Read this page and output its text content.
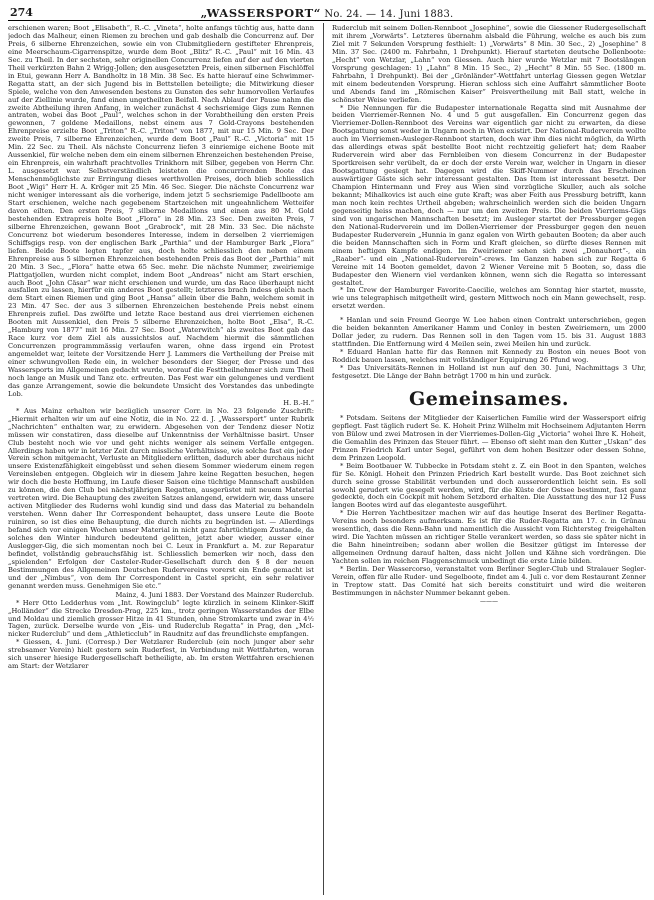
274	„WASSERSPORT“ No. 24. — 14. Juni 1883.

erschienen waren; Boot „Elisabeth“, R.-C. „Vineta“, holte anfangs tüchtig aus, hatte dann jedoch das Malheur, einen Riemen zu brechen und gab deshalb die Concurrenz auf. Der Preis, 6 silberne Ehrenzeichen, sowie ein von Clubmitgliedern gestifteter Ehrenpreis, eine Meerschaum-Cigarrenspitze, wurde dem Boot „Blitz“ R.-C. „Paul“ mit 16 Min. 43 Sec. zu Theil. In der sechsten, sehr originellen Concurrenz liefen auf der auf den vierten Theil verkürzten Bahn 2 Wrigg-Jollen; den ausgesetzten Preis, einen silbernen Fischlöffel in Etui, gewann Herr A. Bandholtz in 18 Min. 38 Sec. Es hatte hierauf eine Schwimmer-Regatta statt, an der sich Jugend bis in Bettstellen beteiligte; die Mitwirkung dieser Spiele, welche von den Anwesenden bestens zu Gunsten des sehr humorvollen Verlaufes auf der Ziellinie wurde, fand einen ungetheilten Beifall. Nach Ablauf der Pause nahm die zweite Abtheilung ihren Anfang, in welcher zunächst 4 sechsriemige Gigs zum Rennen antraten, wobei das Boot „Paul“, welches schon in der Vorabtheilung den ersten Preis gewonnen, 7 goldene Medaillons, nebst einem aus 7 Gold-Crayons bestehenden Ehrenpreise erzielte Boot „Triton“ R.-C. „Triton“ von 1877, mit nur 15 Min. 9 Sec. Der zweite Preis, 7 silberne Ehrenzeichen, wurde dem Boot „Paul“ R.-C. „Victoria“ mit 15 Min. 22 Sec. zu Theil. Als nächste Concurrenz liefen 3 einriemige eichene Boote mit Aussenkiel, für welche neben dem ein einem silbernen Ehrenzeichen bestehenden Preise, ein Ehrenpreis, ein wahrhaft prachtvolles Trinkhorn mit Silber, gegeben von Herrn Chr. L. ausgesetzt war. Selbstverständlich leisteten die concurrirenden Boote das Menschenmöglichste zur Erringung dieses werthvollen Preises, doch blieb schliesslich Boot „Wigi“ Herr H. A. Kröger mit 25 Min. 46 Sec. Sieger. Die nächste Concurrenz war nicht weniger interessant als die vorherige, indem jetzt 5 sechsriemige Padellboote am Start erschienen, welche nach gegebenem Startzeichen mit ungeahnlichem Wetteifer davon eilten. Den ersten Preis, 7 silberne Medaillons und einen aus 80 M. Gold bestehenden Extrapreis holte Boot „Flora“ in 28 Min. 23 Sec. Den zweiten Preis, 7 silberne Ehrenzeichen, gewann Boot „Grabrock“, mit 28 Min. 33 Sec. Die nächste Concurrenz bot wiederum besonderes Interesse, indem in derselben 2 vierriemigen Schiffsgigs resp. von der englischen Bark „Parthia“ und der Hamburger Bark „Flora“ liefen. Beide Boote legten tapfer aus, doch holte schliesslich den neben einem Ehrenpreise aus 5 silbernen Ehrenzeichen bestehenden Preis das Boot der „Parthia“ mit 20 Min. 3 Sec., „Flora“ hatte etwa 65 Sec. mehr. Die nächste Nummer, zweiriemige Plattgatjollen, wurden nicht complet, indem Boot „Andreas“ nicht am Start erschien, auch Boot „John Cäsar“ war nicht erschienen und wurde, um das Race überhaupt nicht ausfallen zu lassen, hierfür ein anderes Boot gestellt; letzteres brach indess gleich nach dem Start einen Riemen und ging Boot „Hansa“ allein über die Bahn, welchem somit in 23 Min. 47 Sec. der aus 3 silbernen Ehrenzeichen bestehende Preis nebst einem Ehrenpreis zufiel. Das zwölfte und letzte Race bestand aus drei vierriemen eichenen Booten mit Aussenkiel, den Preis 5 silberne Ehrenzeichen, holte Boot „Elsa“, R.-C. „Hamburg von 1877“ mit 16 Min. 27 Sec. Boot „Waterwitch“ als zweites Boot gab das Race kurz vor dem Ziel als aussichtslos auf. Nachdem hiermit die sämmtlichen Concurrenzen programmmässig verlaufen waren, ohne dass irgend ein Protest angemeldet war, leitete der Vorsitzende Herr J. Lammers die Vertheilung der Preise mit einer schwungvollen Rede ein, in welcher besonders der Sieger, der Presse und des Wassersports im Allgemeinen gedacht wurde, worauf die Festtheilnehmer sich zum Theil noch lange an Musik und Tanz etc. erfreuten. Das Fest war ein gelungenes und verdient das ganze Arrangement, sowie die bekundete Umsicht des Vorstandes das unbedingte Lob.

H. B.-H.“

* Aus Mainz erhalten wir bezüglich unserer Corr. in No. 23 folgende Zuschrift: „Hiermit erhalten wir um auf eine Notiz, die in No. 22 d. J. „Wassersport“ unter Rubrik „Nachrichten“ enthalten war, zu erwidern. Abgesehen von der Tendenz dieser Notiz müssen wir constatiren, dass dieselbe auf Unkenntniss der Verhältnisse basirt. Unser Club besteht noch wie vor und geht nichts weniger als seinem Verfalle entgegen. Allerdings haben wir in letzter Zeit durch missliche Verhältnisse, wie solche fast ein jeder Verein schon mitgemacht, Verluste an Mitgliedern erlitten, dadurch aber durchaus nicht unsere Existenzfähigkeit eingebüsst und sehen diesem Sommer wiederum einem regen Vereinsleben entgegen. Obgleich wir in diesem Jahre keine Regatten besuchen, hegen wir doch die beste Hoffnung, im Laufe dieser Saison eine tüchtige Mannschaft ausbilden zu können, die den Club bei nächstjährigen Regatten, ausgerüstet mit neuem Material vertreten wird. Die Behauptung des zweiten Satzes anlangend, erwidern wir, dass unsere activen Mitglieder des Ruderns wohl kundig sind und dass das Material zu behandeln verstehen. Wenn daher Ihr Correspondent behauptet, dass unsere Leute die Boote ruiniren, so ist dies eine Behauptung, die durch nichts zu begründen ist. — Allerdings befand sich vor einigen Wochen unser Material in nicht ganz fahrtüchtigem Zustande, da solches den Winter hindurch bedeutend gelitten, jetzt aber wieder, ausser einer Auslegger-Gig, die sich momentan noch bei C. Leux in Frankfurt a. M. zur Reparatur befindet, vollständig gebrauchsfähig ist. Schliesslich bemerken wir noch, dass den „spielenden“ Erfolgen der Casteler-Ruder-Gesellschaft durch den § 8 der neuen Bestimmungen des Allgemeinen Deutschen Rudervereins vorerst ein Ende gemacht ist und der „Nimbus“, von dem Ihr Correspondent in Castel spricht, ein sehr relativer genannt werden muss. Genehmigen Sie etc.“

Mainz, 4. Juni 1883. Der Vorstand des Mainzer Ruderclub.

* Herr Otto Ledderhus vom „Int. Rowingclub“ legte kürzlich in seinem Klinker-Skiff „Holländer“ die Strecke Dresden-Prag, 225 km., trotz geringen Wasserstandes der Elbe und Moldau und ziemlich grosser Hitze in 41 Stunden, ohne Stromkarte und zwar in 4½ Tagen, zurück. Derselbe wurde von „Eis- und Ruderclub Regatta“ in Prag, den „Mcl-nicker Ruderclub“ und dem „Athleticclub“ in Raudnitz auf das freundlichste empfangen.

* Giessen, 4. Juni. (Corresp.) Der Wetzlarer Ruderclub (ein noch junger aber sehr strebsamer Verein) hielt gestern sein Ruderfest, in Verbindung mit Wettfahrten, woran sich unserer hiesige Rudergesellschaft betheiligte, ab. Im ersten Wettfahren erschienen am Start: der Wetzlarer

Ruderclub mit seinem Dollen-Rennboot „Josephine“, sowie die Giessener Rudergesellschaft mit ihrem „Vorwärts“. Letzteres übernahm alsbald die Führung, welche es auch bis zum Ziel mit 7 Sekunden Vorsprung festhielt: 1) „Vorwärts“ 8 Min. 30 Sec., 2) „Josephine“ 8 Min. 37 Sec. (2400 m. Fahrbahn, 1 Drehpunkt). Hierauf starteten deutsche Dollenboote: „Hecht“ von Wetzlar, „Lahn“ von Giessen. Auch hier wurde Wetzlar mit 7 Bootslängen Vorsprung geschlagen: 1) „Lahn“ 8 Min. 15 Sec., 2) „Hecht“ 8 Min. 55 Sec. (1800 m. Fahrbahn, 1 Drehpunkt). Bei der „Grönländer“-Wettfahrt unterlag Giessen gegen Wetzlar mit einem bedeutenden Vorsprung. Hieran schloss sich eine Auffahrt sämmtlicher Boote und Abends fand im „Römischen Kaiser“ Preisvertheilung mit Ball statt, welche in schönster Weise verliefen.

* Die Nennungen für die Budapester internationale Regatta sind mit Ausnahme der beiden Vierriemer-Rennen No. 4 und 5 gut ausgefallen. Ein Concurrenz gegen das Vierriemer-Dollen-Rennboot des Vereins war eigentlich gar nicht zu erwarten, da diese Bootsgattung sonst weder in Ungarn noch in Wien existirt. Der National-Ruderverein wollte auch im Vierriemen-Ausleger-Rennboot starten, doch war ihm dies nicht möglich, da Wirth das allerdings etwas spät bestellte Boot nicht rechtzeitig geliefert hat; dem Raaber Ruderverein wird aber das Fernbleiben von diesem Concurrenz in der Budapester Sportkreisen sehr verübelt, da er doch der erste Verein war, welcher in Ungarn in dieser Bootsgattung gesiegt hat. Dagegen wird die Skiff-Nummer durch das Erscheinen auswärtiger Gäste sich sehr interessant gestalten. Das Item ist interessant besetzt. Der Champion Hintermann und Frey aus Wien sind vorzügliche Skuller, auch als solche bekannt; Mihalkovics ist auch eine gute Kraft; was aber Feith aus Pressburg betrifft, kann man noch kein rechtes Urtheil abgeben; wahrscheinlich werden sich die beiden Ungarn gegenseitig heiss machen, doch — nur um den zweiten Preis. Die beiden Vierriems-Gigs sind von ungarischen Mannschaften besetzt; im Ausleger startet der Pressburger gegen den National-Ruderverein und im Dollen-Vierriemer der Pressburger gegen den neuen Budapester Ruderverein „Hunnia in ganz egalen von Wirth gebauten Booten; da aber auch die beiden Mannschaften sich in Form und Kraft gleichen, so dürfte dieses Rennen mit einem heftigen Kampfe endigen. Im Zweiriemer sehen sich zwei „Donauhort“-, ein „Raaber“- und ein „National-Ruderverein“-crews. Im Ganzen haben sich zur Regatta 6 Vereine mit 14 Booten gemeldet, davon 2 Wiener Vereine mit 5 Booten, so, dass die Budapester den Wienern viel verdanken können, wenn sich die Regatta so interessant gestaltet.

* Im Crew der Hamburger Favorite-Caecilie, welches am Sonntag hier startet, musste, wie uns telegraphisch mitgetheilt wird, gestern Mittwoch noch ein Mann gewechselt, resp. ersetzt werden.

* Hanlan und sein Freund George W. Lee haben einen Contrakt unterschrieben, gegen die beiden bekannten Amerikaner Hamm und Conley in besten Zweiriemern, um 2000 Dollar jeder, zu rudern. Das Rennen soll in den Tagen vom 15. bis 31. August 1883 stattfinden. Die Entfernung wird 4 Meilen sein, zwei Meilen hin und zurück.

* Eduard Hanlan hatte für das Rennen mit Kennedy zu Boston ein neues Boot von Roddick bauen lassen, welches mit vollständiger Equipirung 26 Pfund wog.

* Das Universitäts-Rennen in Holland ist nun auf den 30. Juni, Nachmittags 3 Uhr, festgesetzt. Die Länge der Bahn beträgt 1700 m hin und zurück.

Gemeinsames.

* Potsdam. Seitens der Mitglieder der Kaiserlichen Familie wird der Wassersport eifrig gepflegt. Fast täglich rudert Se. K. Hoheit Prinz Wilhelm mit Hochseinem Adjutanten Herrn von Bülow und zwei Matrosen in der Vierriemes-Dollen-Gig „Victoria“ wohei Ihre K. Hoheit, die Gemahlin des Prinzen das Steuer führt. — Ebenso oft sieht man den Kutter „Uskan“ des Prinzen Friedrich Karl unter Segel, geführt von dem hohen Besitzer oder dessen Sohne, dem Prinzen Leopold.

* Beim Bootbauer W. Tubbecke in Potsdam steht z. Z. ein Boot in den Spanten, welches für Se. Königl. Hoheit den Prinzen Friedrich Karl bestellt wurde. Das Boot zeichnet sich durch seine grosse Stabilität verbunden und doch ausserordentlich leicht sein. Es soll sowohl gerudert wie gesegelt werden, wird, für die Küste der Ostsee bestimmt, fast ganz gedeckte, doch ein Cockpit mit hohem Setzbord erhalten. Die Ausstattung des nur 12 Fuss langen Bootes wird auf das eleganteste ausgeführt.

* Die Herren Yachtbesitzer machen wir auf das heutige Inserat des Berliner Regatta-Vereins noch besonders aufmerksam. Es ist für die Ruder-Regatta am 17. c. in Grünau wesentlich, dass die Renn-Bahn und namentlich die Aussicht vom Richtersteg freigehalten wird. Die Yachten müssen an richtiger Stelle verankert werden, so dass sie später nicht in die Bahn hineintreiben; sodann aber wollen die Besitzer gütigst im Interesse der allgemeinen Ordnung darauf halten, dass nicht Jollen und Kähne sich vordrängen. Die Yachten sollen im reichen Flaggenschmuck unbedingt die erste Linie bilden.

* Berlin. Der Wassercorso, veranstaltet vom Berliner Segler-Club und Stralauer Segler-Verein, offen für alle Ruder- und Segelboote, findet am 4. Juli c. vor dem Restaurant Zenner in Treptow statt. Das Comité hat sich bereits constituirt und wird die weiteren Bestimmungen in nächster Nummer bekannt geben.

———
